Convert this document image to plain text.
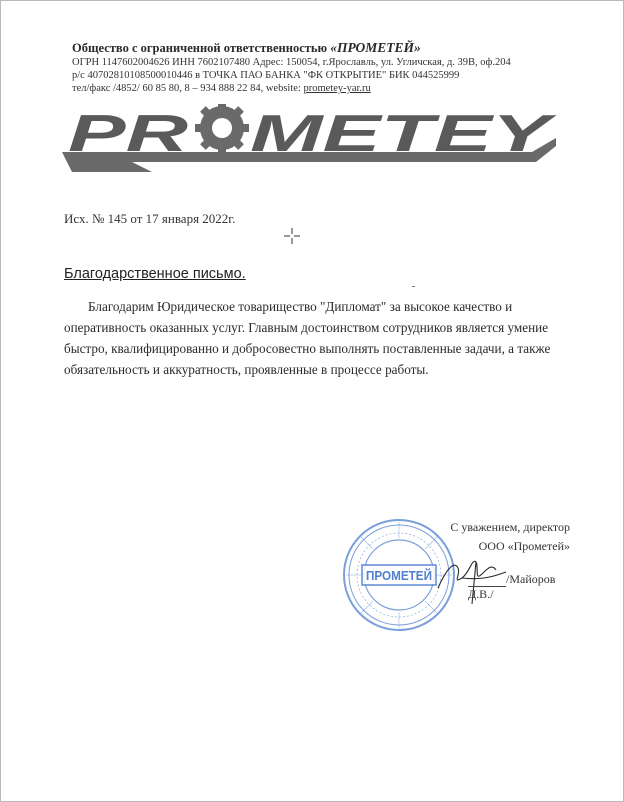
Общество с ограниченной ответственностью «ПРОМЕТЕЙ»
ОГРН 1147602004626 ИНН 7602107480 Адрес: 150054, г.Ярославль, ул. Угличская, д. 39В, оф.204
р/с 40702810108500010446 в ТОЧКА ПАО БАНКА "ФК ОТКРЫТИЕ" БИК 044525999
тел/факс /4852/ 60 85 80, 8 – 934 888 22 84, website: prometey-yar.ru
PR METEY
Исх. № 145 от 17 января 2022г.
Благодарственное письмо.
Благодарим Юридическое товарищество "Дипломат" за высокое качество и оперативность оказанных услуг. Главным достоинством сотрудников является умение быстро, квалифицированно и добросовестно выполнять поставленные задачи, а также обязательность и аккуратность, проявленные в процессе работы.
ПРОМЕТЕЙ
С уважением, директор
ООО «Прометей»
/Майоров Д.В./
